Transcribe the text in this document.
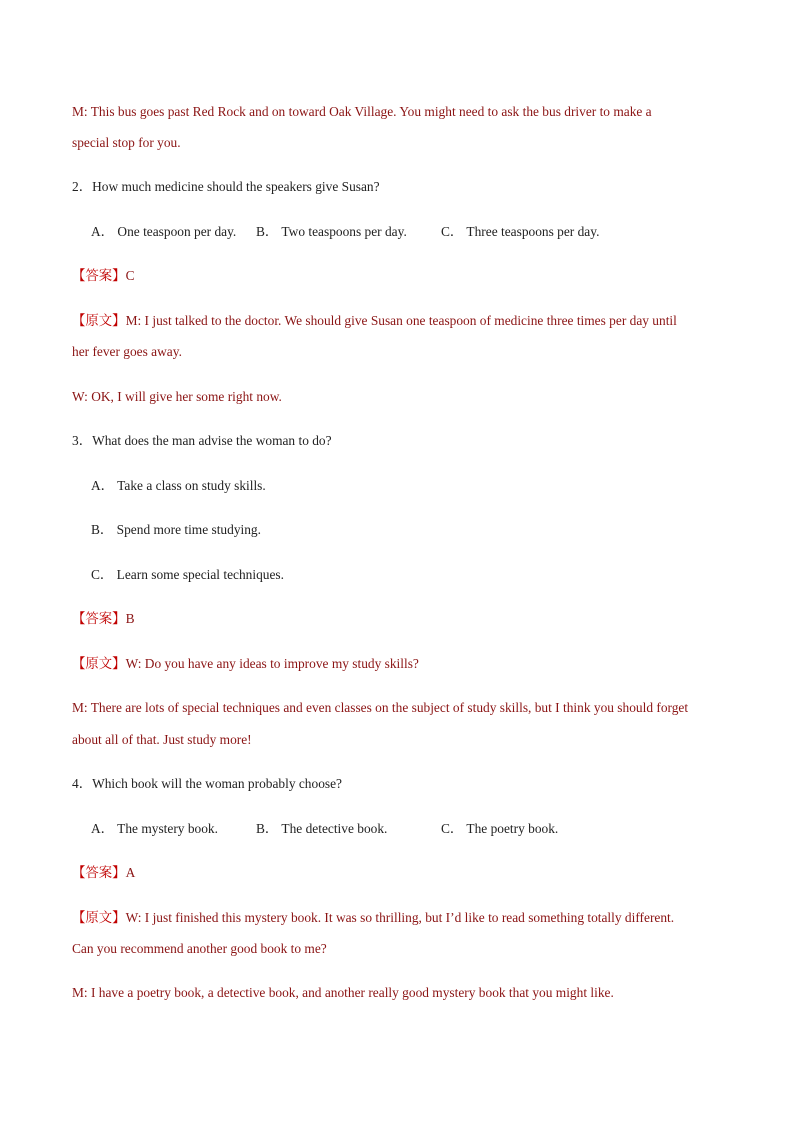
M: This bus goes past Red Rock and on toward Oak Village. You might need to ask the bus driver to make a
special stop for you.
2．How much medicine should the speakers give Susan?
A． One teaspoon per day. B． Two teaspoons per day.	C． Three teaspoons per day.
【答案】C
【原文】M: I just talked to the doctor. We should give Susan one teaspoon of medicine three times per day until
her fever goes away.
W: OK, I will give her some right now.
3．What does the man advise the woman to do?
A． Take a class on study skills.
B． Spend more time studying.
C． Learn some special techniques.
【答案】B
【原文】W: Do you have any ideas to improve my study skills?
M: There are lots of special techniques and even classes on the subject of study skills, but I think you should forget
about all of that. Just study more!
4．Which book will the woman probably choose?
A． The mystery book.	B． The detective book.	C． The poetry book.
【答案】A
【原文】W: I just finished this mystery book. It was so thrilling, but I’d like to read something totally different.
Can you recommend another good book to me?
M: I have a poetry book, a detective book, and another really good mystery book that you might like.
